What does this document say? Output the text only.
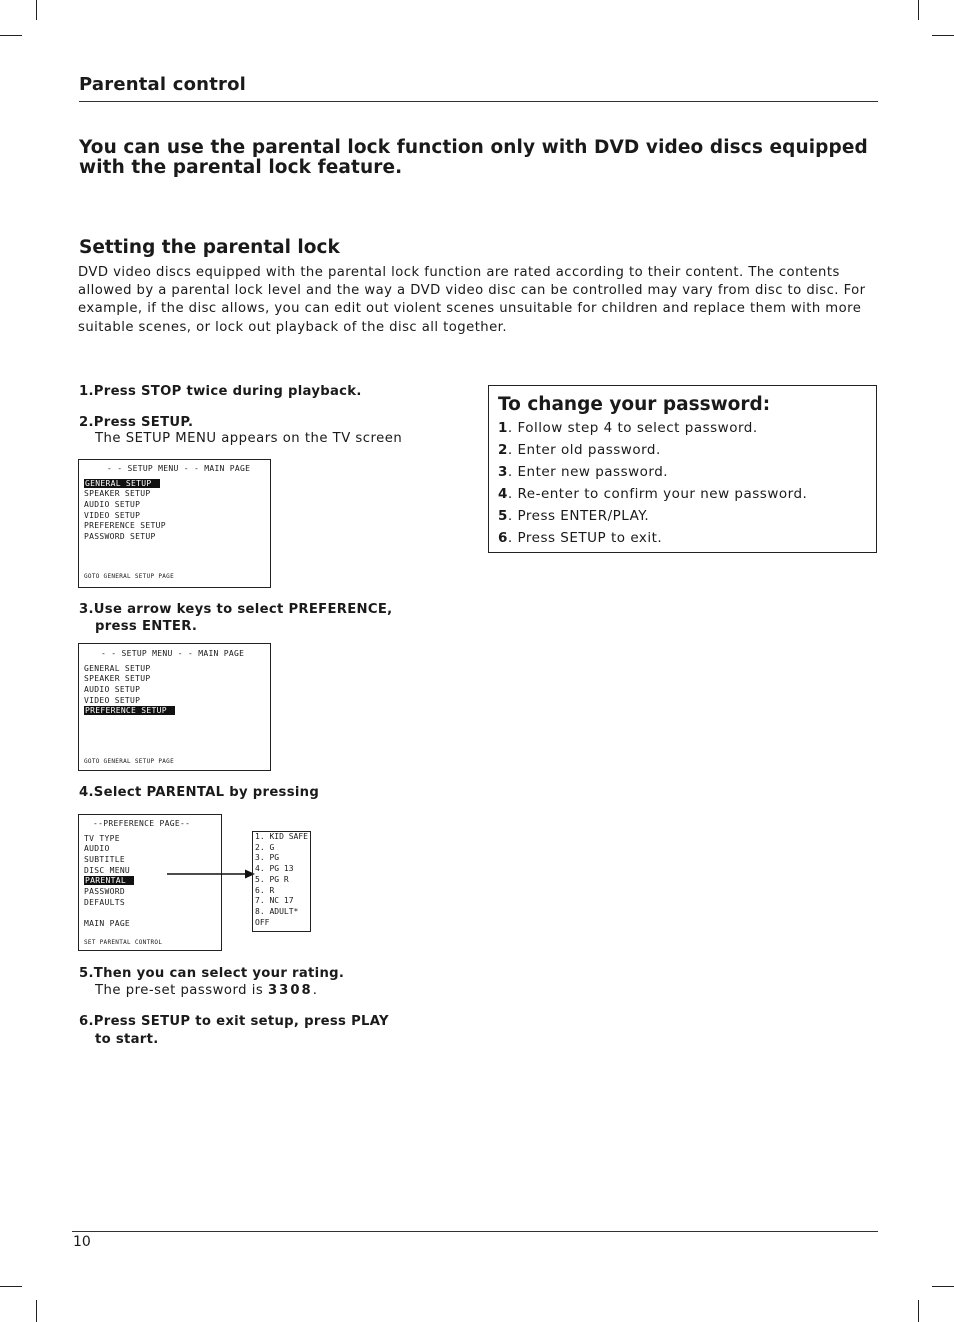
Parental control
You can use the parental lock function only with DVD video discs equipped with the parental lock feature.
Setting the parental lock
DVD video discs equipped with the parental lock function are rated according to their content. The contents allowed by a parental lock level and the way a DVD video disc can be controlled may vary from disc to disc. For example, if the disc allows, you can edit out violent scenes unsuitable for children and replace them with more suitable scenes, or lock out playback of the disc all together.
1.Press STOP twice during playback.
2.Press SETUP.
The SETUP MENU appears on the TV screen
- - SETUP MENU - - MAIN PAGE
GENERAL SETUP
SPEAKER SETUP
AUDIO SETUP
VIDEO SETUP
PREFERENCE SETUP
PASSWORD SETUP
GOTO GENERAL SETUP PAGE
3.Use arrow keys to select PREFERENCE,
press ENTER.
- - SETUP MENU - - MAIN PAGE
GENERAL SETUP
SPEAKER SETUP
AUDIO SETUP
VIDEO SETUP
PREFERENCE SETUP
GOTO GENERAL SETUP PAGE
4.Select PARENTAL by pressing
--PREFERENCE PAGE--
TV TYPE
AUDIO
SUBTITLE
DISC MENU
PARENTAL
PASSWORD
DEFAULTS
MAIN PAGE
SET PARENTAL CONTROL
1. KID SAFE
2. G
3. PG
4. PG 13
5. PG R
6. R
7. NC 17
8. ADULT*
OFF
5.Then you can select your rating.
The pre-set password is 3308.
6.Press SETUP to exit setup, press PLAY
to start.
To change your password:
1. Follow step 4 to select password.
2. Enter old password.
3. Enter new password.
4. Re-enter to confirm your new password.
5. Press ENTER/PLAY.
6. Press SETUP to exit.
10
